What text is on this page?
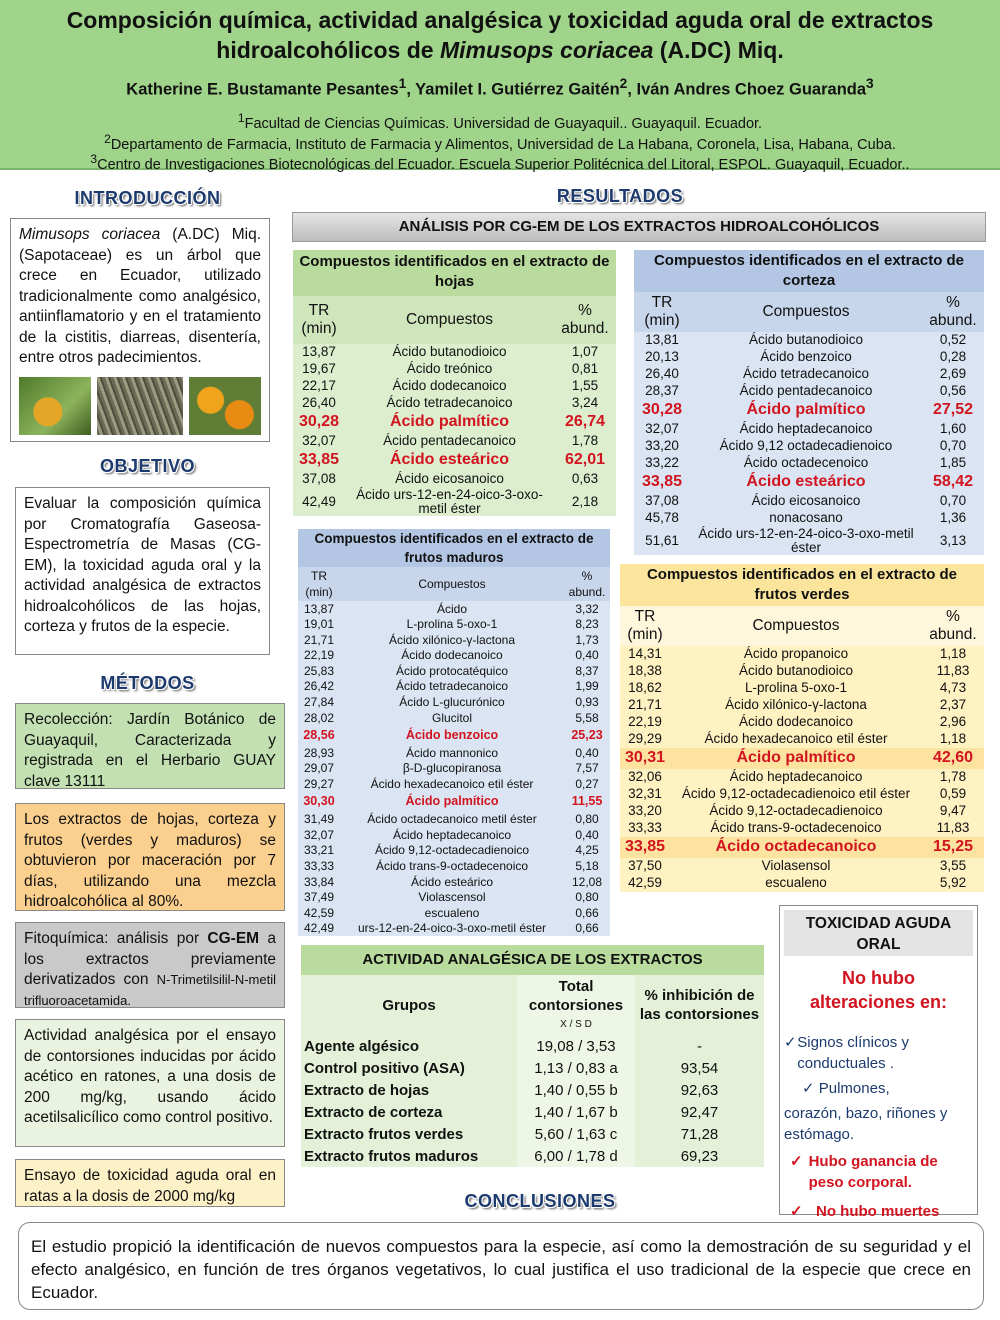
Composición química, actividad analgésica y toxicidad aguda oral de extractos
hidroalcohólicos de Mimusops coriacea (A.DC) Miq.
Katherine E. Bustamante Pesantes$^1$, Yamilet I. Gutiérrez Gaitén$^2$, Iván Andres Choez Guaranda$^3$
$^1$Facultad de Ciencias Químicas. Universidad de Guayaquil.. Guayaquil. Ecuador.
$^2$Departamento de Farmacia, Instituto de Farmacia y Alimentos, Universidad de La Habana, Coronela, Lisa, Habana, Cuba.
$^3$Centro de Investigaciones Biotecnológicas del Ecuador. Escuela Superior Politécnica del Litoral, ESPOL. Guayaquil, Ecuador..
INTRODUCCIÓN
Mimusops coriacea (A.DC) Miq. (Sapotaceae) es un árbol que crece en Ecuador, utilizado tradicionalmente como analgésico, antiinflamatorio y en el tratamiento de la cistitis, diarreas, disentería, entre otros padecimientos.
OBJETIVO
Evaluar la composición química por Cromatografía Gaseosa-Espectrometría de Masas (CG-EM), la toxicidad aguda oral y la actividad analgésica de extractos hidroalcohólicos de las hojas, corteza y frutos de la especie.
MÉTODOS
Recolección: Jardín Botánico de Guayaquil, Caracterizada y registrada en el Herbario GUAY clave 13111
Los extractos de hojas, corteza y frutos (verdes y maduros) se obtuvieron por maceración por 7 días, utilizando una mezcla hidroalcohólica al 80%.
Fitoquímica: análisis por CG-EM a los extractos previamente derivatizados con N-Trimetilsilil-N-metil trifluoroacetamida.
Actividad analgésica por el ensayo de contorsiones inducidas por ácido acético en ratones, a una dosis de 200 mg/kg, usando ácido acetilsalicílico como control positivo.
Ensayo de toxicidad aguda oral en ratas a la dosis de 2000 mg/kg
RESULTADOS
ANÁLISIS POR CG-EM DE LOS EXTRACTOS HIDROALCOHÓLICOS
Compuestos identificados en el extracto de hojas
TR (min)	Compuestos	% abund.
13,87	Ácido butanodioico	1,07
19,67	Ácido treónico	0,81
22,17	Ácido dodecanoico	1,55
26,40	Ácido tetradecanoico	3,24
30,28	Ácido palmítico	26,74
32,07	Ácido pentadecanoico	1,78
33,85	Ácido esteárico	62,01
37,08	Ácido eicosanoico	0,63
42,49	Ácido urs-12-en-24-oico-3-oxo-metil éster	2,18
Compuestos identificados en el extracto de corteza
TR (min)	Compuestos	% abund.
13,81	Ácido butanodioico	0,52
20,13	Ácido benzoico	0,28
26,40	Ácido tetradecanoico	2,69
28,37	Ácido pentadecanoico	0,56
30,28	Ácido palmítico	27,52
32,07	Ácido heptadecanoico	1,60
33,20	Ácido 9,12 octadecadienoico	0,70
33,22	Ácido octadecenoico	1,85
33,85	Ácido esteárico	58,42
37,08	Ácido eicosanoico	0,70
45,78	nonacosano	1,36
51,61	Ácido urs-12-en-24-oico-3-oxo-metil éster	3,13
Compuestos identificados en el extracto de frutos maduros
TR (min)	Compuestos	% abund.
13,87	Ácido	3,32
19,01	L-prolina 5-oxo-1	8,23
21,71	Ácido xilónico-γ-lactona	1,73
22,19	Ácido dodecanoico	0,40
25,83	Ácido protocatéquico	8,37
26,42	Ácido tetradecanoico	1,99
27,84	Ácido L-glucurónico	0,93
28,02	Glucitol	5,58
28,56	Ácido benzoico	25,23
28,93	Ácido mannonico	0,40
29,07	β-D-glucopiranosa	7,57
29,27	Ácido hexadecanoico etil éster	0,27
30,30	Ácido palmítico	11,55
31,49	Ácido octadecanoico metil éster	0,80
32,07	Ácido heptadecanoico	0,40
33,21	Ácido 9,12-octadecadienoico	4,25
33,33	Ácido trans-9-octadecenoico	5,18
33,84	Ácido esteárico	12,08
37,49	Violascensol	0,80
42,59	escualeno	0,66
42,49	urs-12-en-24-oico-3-oxo-metil éster	0,66
Compuestos identificados en el extracto de frutos verdes
TR (min)	Compuestos	% abund.
14,31	Ácido propanoico	1,18
18,38	Ácido butanodioico	11,83
18,62	L-prolina 5-oxo-1	4,73
21,71	Ácido xilónico-γ-lactona	2,37
22,19	Ácido dodecanoico	2,96
29,29	Ácido hexadecanoico etil éster	1,18
30,31	Ácido palmítico	42,60
32,06	Ácido heptadecanoico	1,78
32,31	Ácido 9,12-octadecadienoico etil éster	0,59
33,20	Ácido 9,12-octadecadienoico	9,47
33,33	Ácido trans-9-octadecenoico	11,83
33,85	Ácido octadecanoico	15,25
37,50	Violasensol	3,55
42,59	escualeno	5,92
ACTIVIDAD ANALGÉSICA DE LOS EXTRACTOS
Grupos	Total contorsiones
X / S D	% inhibición de las contorsiones
Agente algésico	19,08 / 3,53	-
Control positivo (ASA)	1,13 / 0,83 a	93,54
Extracto de hojas	1,40 / 0,55 b	92,63
Extracto de corteza	1,40 / 1,67 b	92,47
Extracto frutos verdes	5,60 / 1,63 c	71,28
Extracto frutos maduros	6,00 / 1,78 d	69,23
TOXICIDAD AGUDA ORAL
No hubo alteraciones en:
✓ Signos clínicos y conductuales .
✓ Pulmones,
corazón, bazo, riñones y estómago.
✓ Hubo ganancia de peso corporal.
✓ No hubo muertes
CONCLUSIONES
El estudio propició la identificación de nuevos compuestos para la especie, así como la demostración de su seguridad y el efecto analgésico, en función de tres órganos vegetativos, lo cual justifica el uso tradicional de la especie que crece en Ecuador.
